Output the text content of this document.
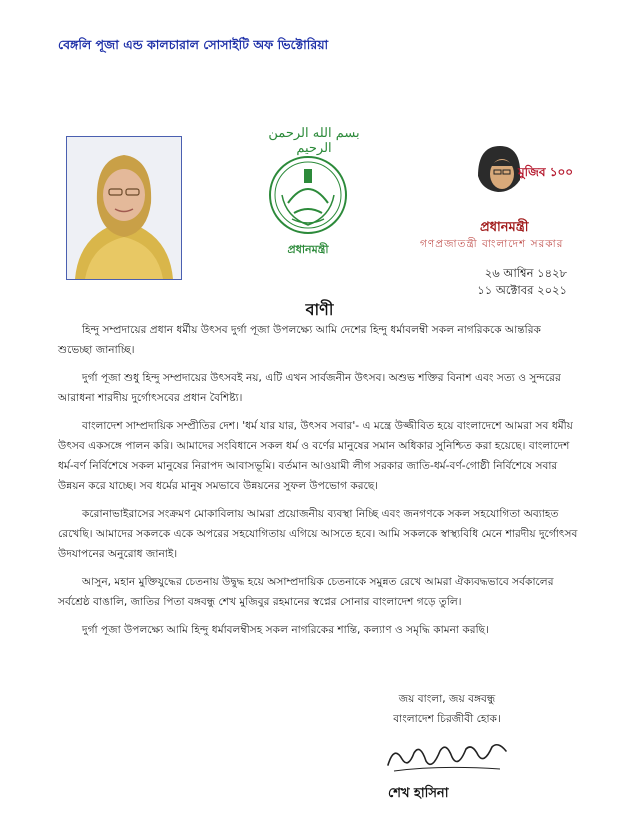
বেঙ্গলি পূজা এন্ড কালচারাল সোসাইটি অফ ভিক্টোরিয়া
بسم الله الرحمن الرحيم
প্রধানমন্ত্রী
মুজিব ১০০
প্রধানমন্ত্রী
গণপ্রজাতন্ত্রী বাংলাদেশ সরকার
২৬ আশ্বিন ১৪২৮
১১ অক্টোবর ২০২১
বাণী

হিন্দু সম্প্রদায়ের প্রধান ধর্মীয় উৎসব দুর্গা পূজা উপলক্ষ্যে আমি দেশের হিন্দু ধর্মাবলম্বী সকল নাগরিককে আন্তরিক শুভেচ্ছা জানাচ্ছি।

দুর্গা পূজা শুধু হিন্দু সম্প্রদায়ের উৎসবই নয়, এটি এখন সার্বজনীন উৎসব। অশুভ শক্তির বিনাশ এবং সত্য ও সুন্দরের আরাধনা শারদীয় দুর্গোৎসবের প্রধান বৈশিষ্ট্য।

বাংলাদেশ সাম্প্রদায়িক সম্প্রীতির দেশ। 'ধর্ম যার যার, উৎসব সবার'- এ মন্ত্রে উজ্জীবিত হয়ে বাংলাদেশে আমরা সব ধর্মীয় উৎসব একসঙ্গে পালন করি। আমাদের সংবিধানে সকল ধর্ম ও বর্ণের মানুষের সমান অধিকার সুনিশ্চিত করা হয়েছে। বাংলাদেশ ধর্ম-বর্ণ নির্বিশেষে সকল মানুষের নিরাপদ আবাসভূমি। বর্তমান আওয়ামী লীগ সরকার জাতি-ধর্ম-বর্ণ-গোষ্ঠী নির্বিশেষে সবার উন্নয়ন করে যাচ্ছে। সব ধর্মের মানুষ সমভাবে উন্নয়নের সুফল উপভোগ করছে।

করোনাভাইরাসের সংক্রমণ মোকাবিলায় আমরা প্রয়োজনীয় ব্যবস্থা নিচ্ছি এবং জনগণকে সকল সহযোগিতা অব্যাহত রেখেছি। আমাদের সকলকে একে অপরের সহযোগিতায় এগিয়ে আসতে হবে। আমি সকলকে স্বাস্থ্যবিধি মেনে শারদীয় দুর্গোৎসব উদযাপনের অনুরোধ জানাই।

আসুন, মহান মুক্তিযুদ্ধের চেতনায় উদ্বুদ্ধ হয়ে অসাম্প্রদায়িক চেতনাকে সমুন্নত রেখে আমরা ঐক্যবদ্ধভাবে সর্বকালের সর্বশ্রেষ্ঠ বাঙালি, জাতির পিতা বঙ্গবন্ধু শেখ মুজিবুর রহমানের স্বপ্নের সোনার বাংলাদেশ গড়ে তুলি।

দুর্গা পূজা উপলক্ষ্যে আমি হিন্দু ধর্মাবলম্বীসহ সকল নাগরিকের শান্তি, কল্যাণ ও সমৃদ্ধি কামনা করছি।

জয় বাংলা, জয় বঙ্গবন্ধু
বাংলাদেশ চিরজীবী হোক।
শেখ হাসিনা
